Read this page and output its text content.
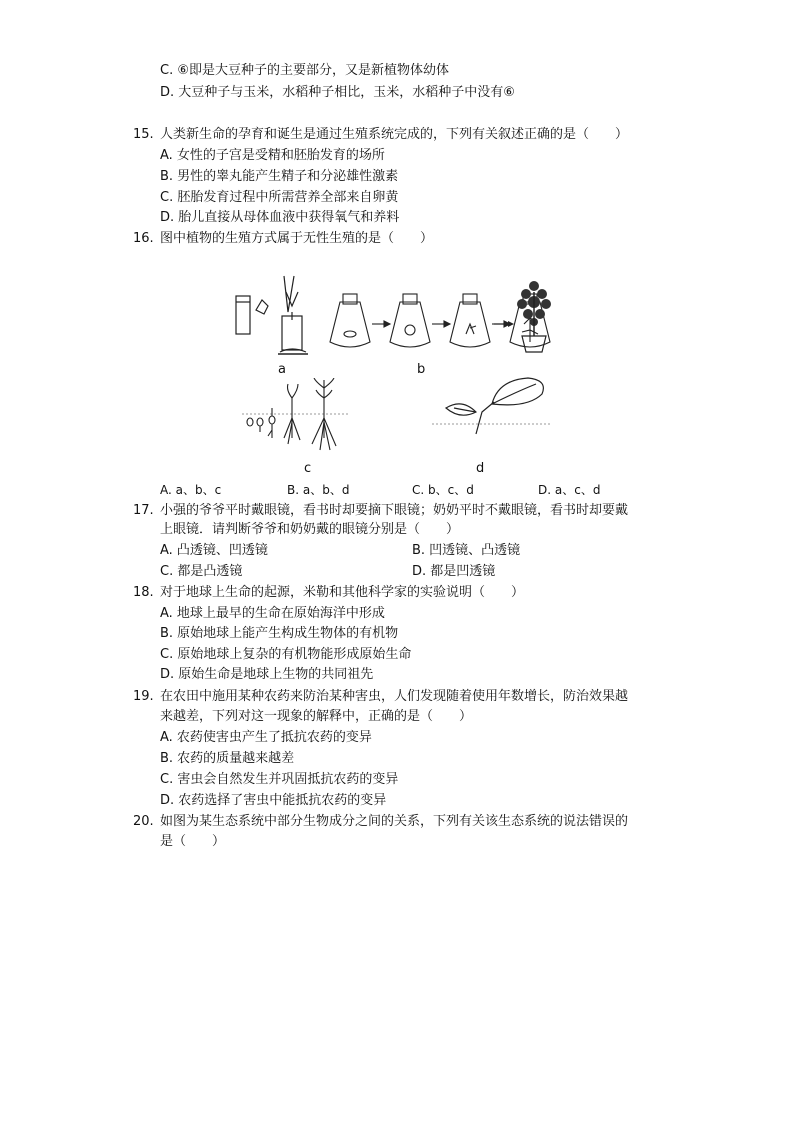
C. ⑥即是大豆种子的主要部分，又是新植物体幼体
D. 大豆种子与玉米，水稻种子相比，玉米，水稻种子中没有⑥
15. 人类新生命的孕育和诞生是通过生殖系统完成的，下列有关叙述正确的是（　　）
A. 女性的子宫是受精和胚胎发育的场所
B. 男性的睾丸能产生精子和分泌雄性激素
C. 胚胎发育过程中所需营养全部来自卵黄
D. 胎儿直接从母体血液中获得氧气和养料
16. 图中植物的生殖方式属于无性生殖的是（　　）
a	b
c	d
A. a、b、c	B. a、b、d	C. b、c、d	D. a、c、d
17. 小强的爷爷平时戴眼镜，看书时却要摘下眼镜；奶奶平时不戴眼镜，看书时却要戴
上眼镜．请判断爷爷和奶奶戴的眼镜分别是（　　）
A. 凸透镜、凹透镜	B. 凹透镜、凸透镜
C. 都是凸透镜	D. 都是凹透镜
18. 对于地球上生命的起源，米勒和其他科学家的实验说明（　　）
A. 地球上最早的生命在原始海洋中形成
B. 原始地球上能产生构成生物体的有机物
C. 原始地球上复杂的有机物能形成原始生命
D. 原始生命是地球上生物的共同祖先
19. 在农田中施用某种农药来防治某种害虫，人们发现随着使用年数增长，防治效果越
来越差，下列对这一现象的解释中，正确的是（　　）
A. 农药使害虫产生了抵抗农药的变异
B. 农药的质量越来越差
C. 害虫会自然发生并巩固抵抗农药的变异
D. 农药选择了害虫中能抵抗农药的变异
20. 如图为某生态系统中部分生物成分之间的关系，下列有关该生态系统的说法错误的
是（　　）
